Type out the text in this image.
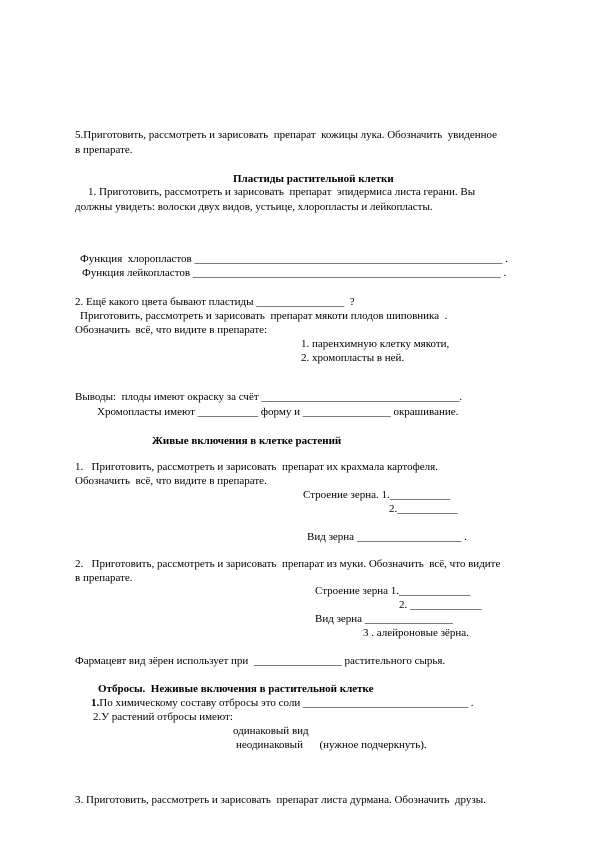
5.Приготовить, рассмотреть и зарисовать  препарат  кожицы лука. Обозначить  увиденное
в препарате.
Пластиды растительной клетки
1. Приготовить, рассмотреть и зарисовать  препарат  эпидермиса листа герани. Вы
должны увидеть: волоски двух видов, устьице, хлоропласты и лейкопласты.
Функция  хлоропластов ________________________________________________________ .
Функция лейкопластов ________________________________________________________ .
2. Ещё какого цвета бывают пластиды ________________  ?
Приготовить, рассмотреть и зарисовать  препарат мякоти плодов шиповника  .
Обозначить  всё, что видите в препарате:
1. паренхимную клетку мякоти,
2. хромопласты в ней.
Выводы:  плоды имеют окраску за счёт ____________________________________.
Хромопласты имеют ___________ форму и ________________ окрашивание.
Живые включения в клетке растений
1.   Приготовить, рассмотреть и зарисовать  препарат их крахмала картофеля.
Обозначить  всё, что видите в препарате.
Строение зерна. 1.___________
2.___________
Вид зерна ___________________ .
2.   Приготовить, рассмотреть и зарисовать  препарат из муки. Обозначить  всё, что видите
в препарате.
Строение зерна 1._____________
2. _____________
Вид зерна ________________
3 . алейроновые зёрна.
Фармацевт вид зёрен использует при  ________________ растительного сырья.
Отбросы.  Неживые включения в растительной клетке
1.По химическому составу отбросы это соли ______________________________ .
2.У растений отбросы имеют:
одинаковый вид
неодинаковый      (нужное подчеркнуть).
3. Приготовить, рассмотреть и зарисовать  препарат листа дурмана. Обозначить  друзы.
